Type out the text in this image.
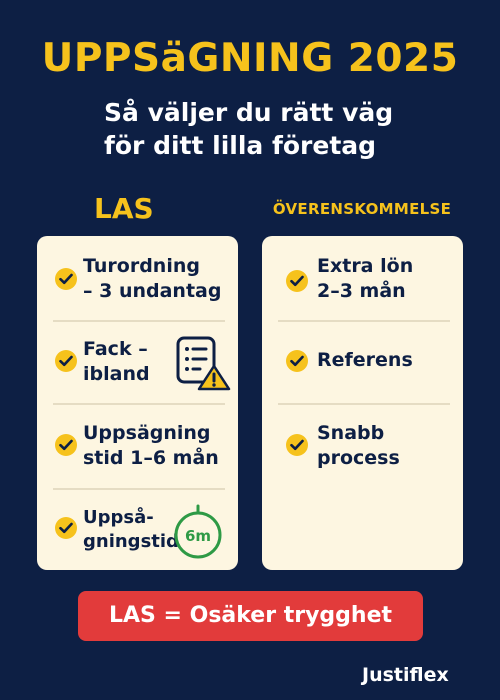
UPPSäGNING 2025
Så väljer du rätt väg
för ditt lilla företag
LAS	ÖVERENSKOMMELSE
Turordning
– 3 undantag
Fack –
ibland
Uppsägning
stid 1–6 mån
Uppså-
gningstid 6m
Extra lön
2–3 mån
Referens
Snabb
process
LAS = Osäker trygghet
Justiflex
